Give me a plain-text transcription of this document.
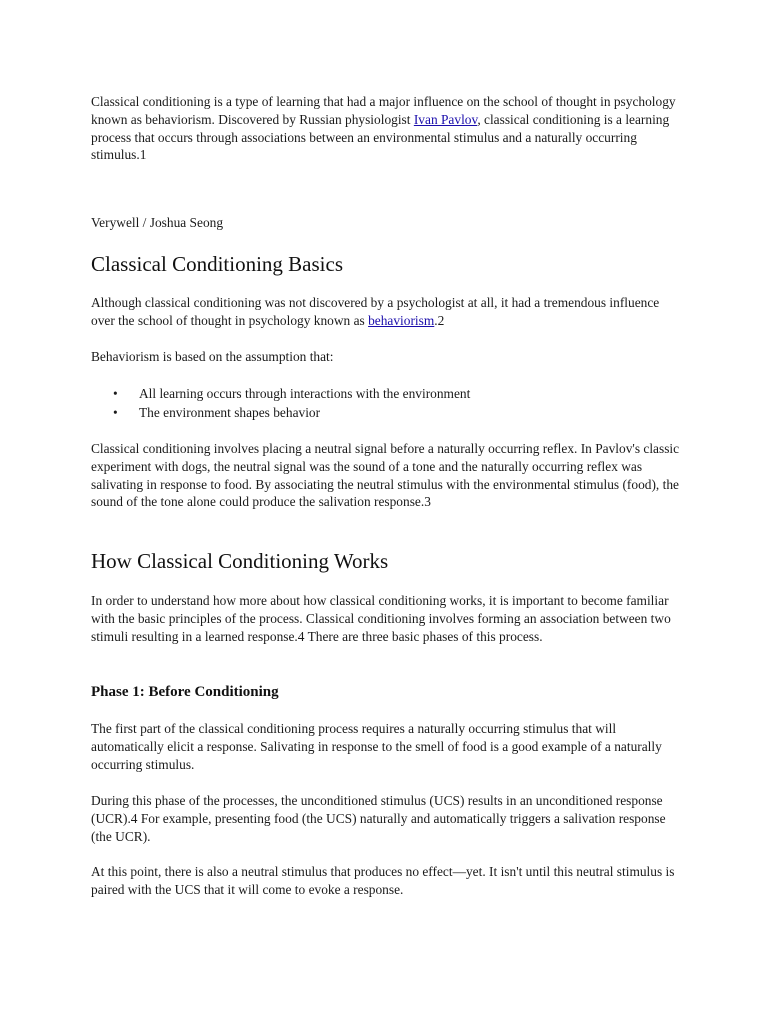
Classical conditioning is a type of learning that had a major influence on the school of thought in psychology known as behaviorism. Discovered by Russian physiologist Ivan Pavlov, classical conditioning is a learning process that occurs through associations between an environmental stimulus and a naturally occurring stimulus.1

Verywell / Joshua Seong

Classical Conditioning Basics

Although classical conditioning was not discovered by a psychologist at all, it had a tremendous influence over the school of thought in psychology known as behaviorism.2

Behaviorism is based on the assumption that:

• All learning occurs through interactions with the environment
• The environment shapes behavior

Classical conditioning involves placing a neutral signal before a naturally occurring reflex. In Pavlov's classic experiment with dogs, the neutral signal was the sound of a tone and the naturally occurring reflex was salivating in response to food. By associating the neutral stimulus with the environmental stimulus (food), the sound of the tone alone could produce the salivation response.3

How Classical Conditioning Works

In order to understand how more about how classical conditioning works, it is important to become familiar with the basic principles of the process. Classical conditioning involves forming an association between two stimuli resulting in a learned response.4 There are three basic phases of this process.

Phase 1: Before Conditioning

The first part of the classical conditioning process requires a naturally occurring stimulus that will automatically elicit a response. Salivating in response to the smell of food is a good example of a naturally occurring stimulus.

During this phase of the processes, the unconditioned stimulus (UCS) results in an unconditioned response (UCR).4 For example, presenting food (the UCS) naturally and automatically triggers a salivation response (the UCR).

At this point, there is also a neutral stimulus that produces no effect—yet. It isn't until this neutral stimulus is paired with the UCS that it will come to evoke a response.
